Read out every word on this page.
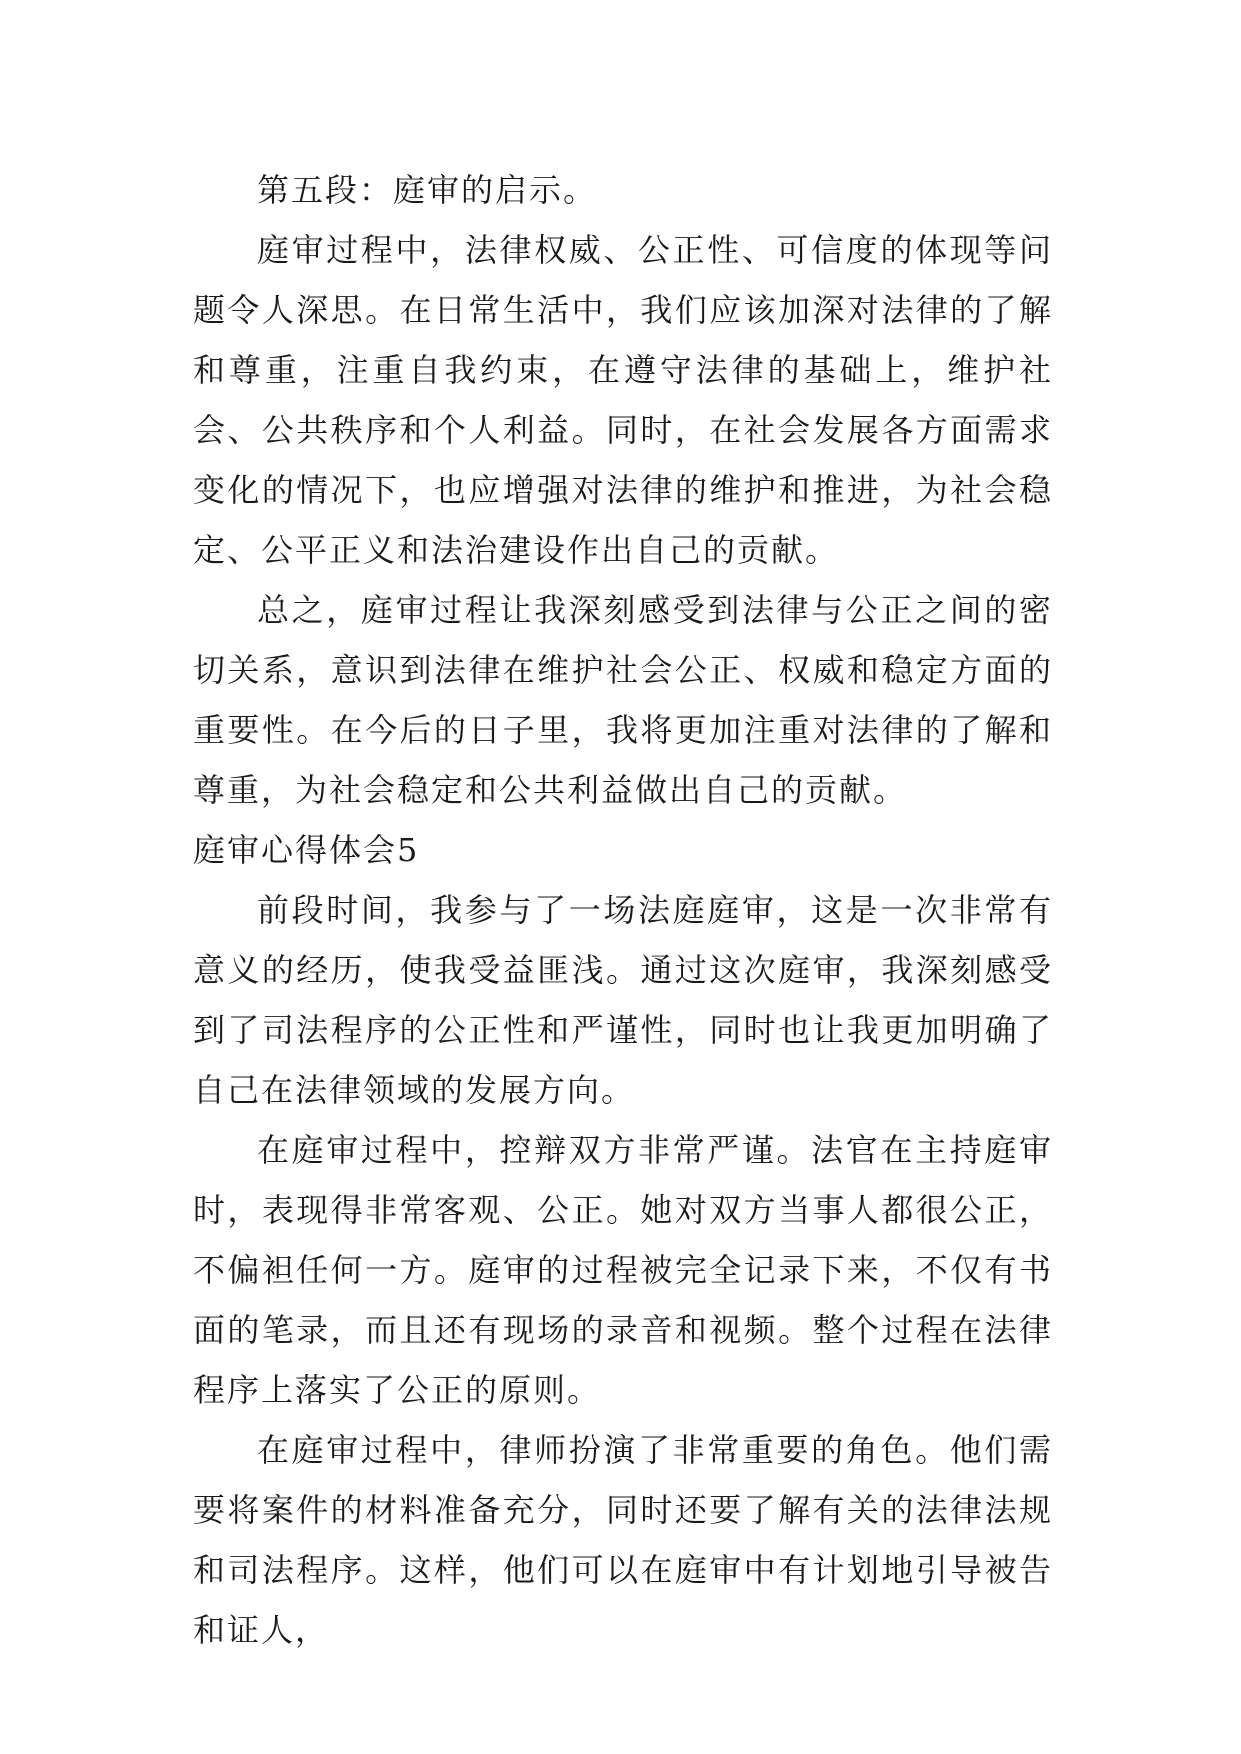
第五段：庭审的启示。

庭审过程中，法律权威、公正性、可信度的体现等问题令人深思。在日常生活中，我们应该加深对法律的了解和尊重，注重自我约束，在遵守法律的基础上，维护社会、公共秩序和个人利益。同时，在社会发展各方面需求变化的情况下，也应增强对法律的维护和推进，为社会稳定、公平正义和法治建设作出自己的贡献。

总之，庭审过程让我深刻感受到法律与公正之间的密切关系，意识到法律在维护社会公正、权威和稳定方面的重要性。在今后的日子里，我将更加注重对法律的了解和尊重，为社会稳定和公共利益做出自己的贡献。

庭审心得体会5

前段时间，我参与了一场法庭庭审，这是一次非常有意义的经历，使我受益匪浅。通过这次庭审，我深刻感受到了司法程序的公正性和严谨性，同时也让我更加明确了自己在法律领域的发展方向。

在庭审过程中，控辩双方非常严谨。法官在主持庭审时，表现得非常客观、公正。她对双方当事人都很公正，不偏袒任何一方。庭审的过程被完全记录下来，不仅有书面的笔录，而且还有现场的录音和视频。整个过程在法律程序上落实了公正的原则。

在庭审过程中，律师扮演了非常重要的角色。他们需要将案件的材料准备充分，同时还要了解有关的法律法规和司法程序。这样，他们可以在庭审中有计划地引导被告和证人，
